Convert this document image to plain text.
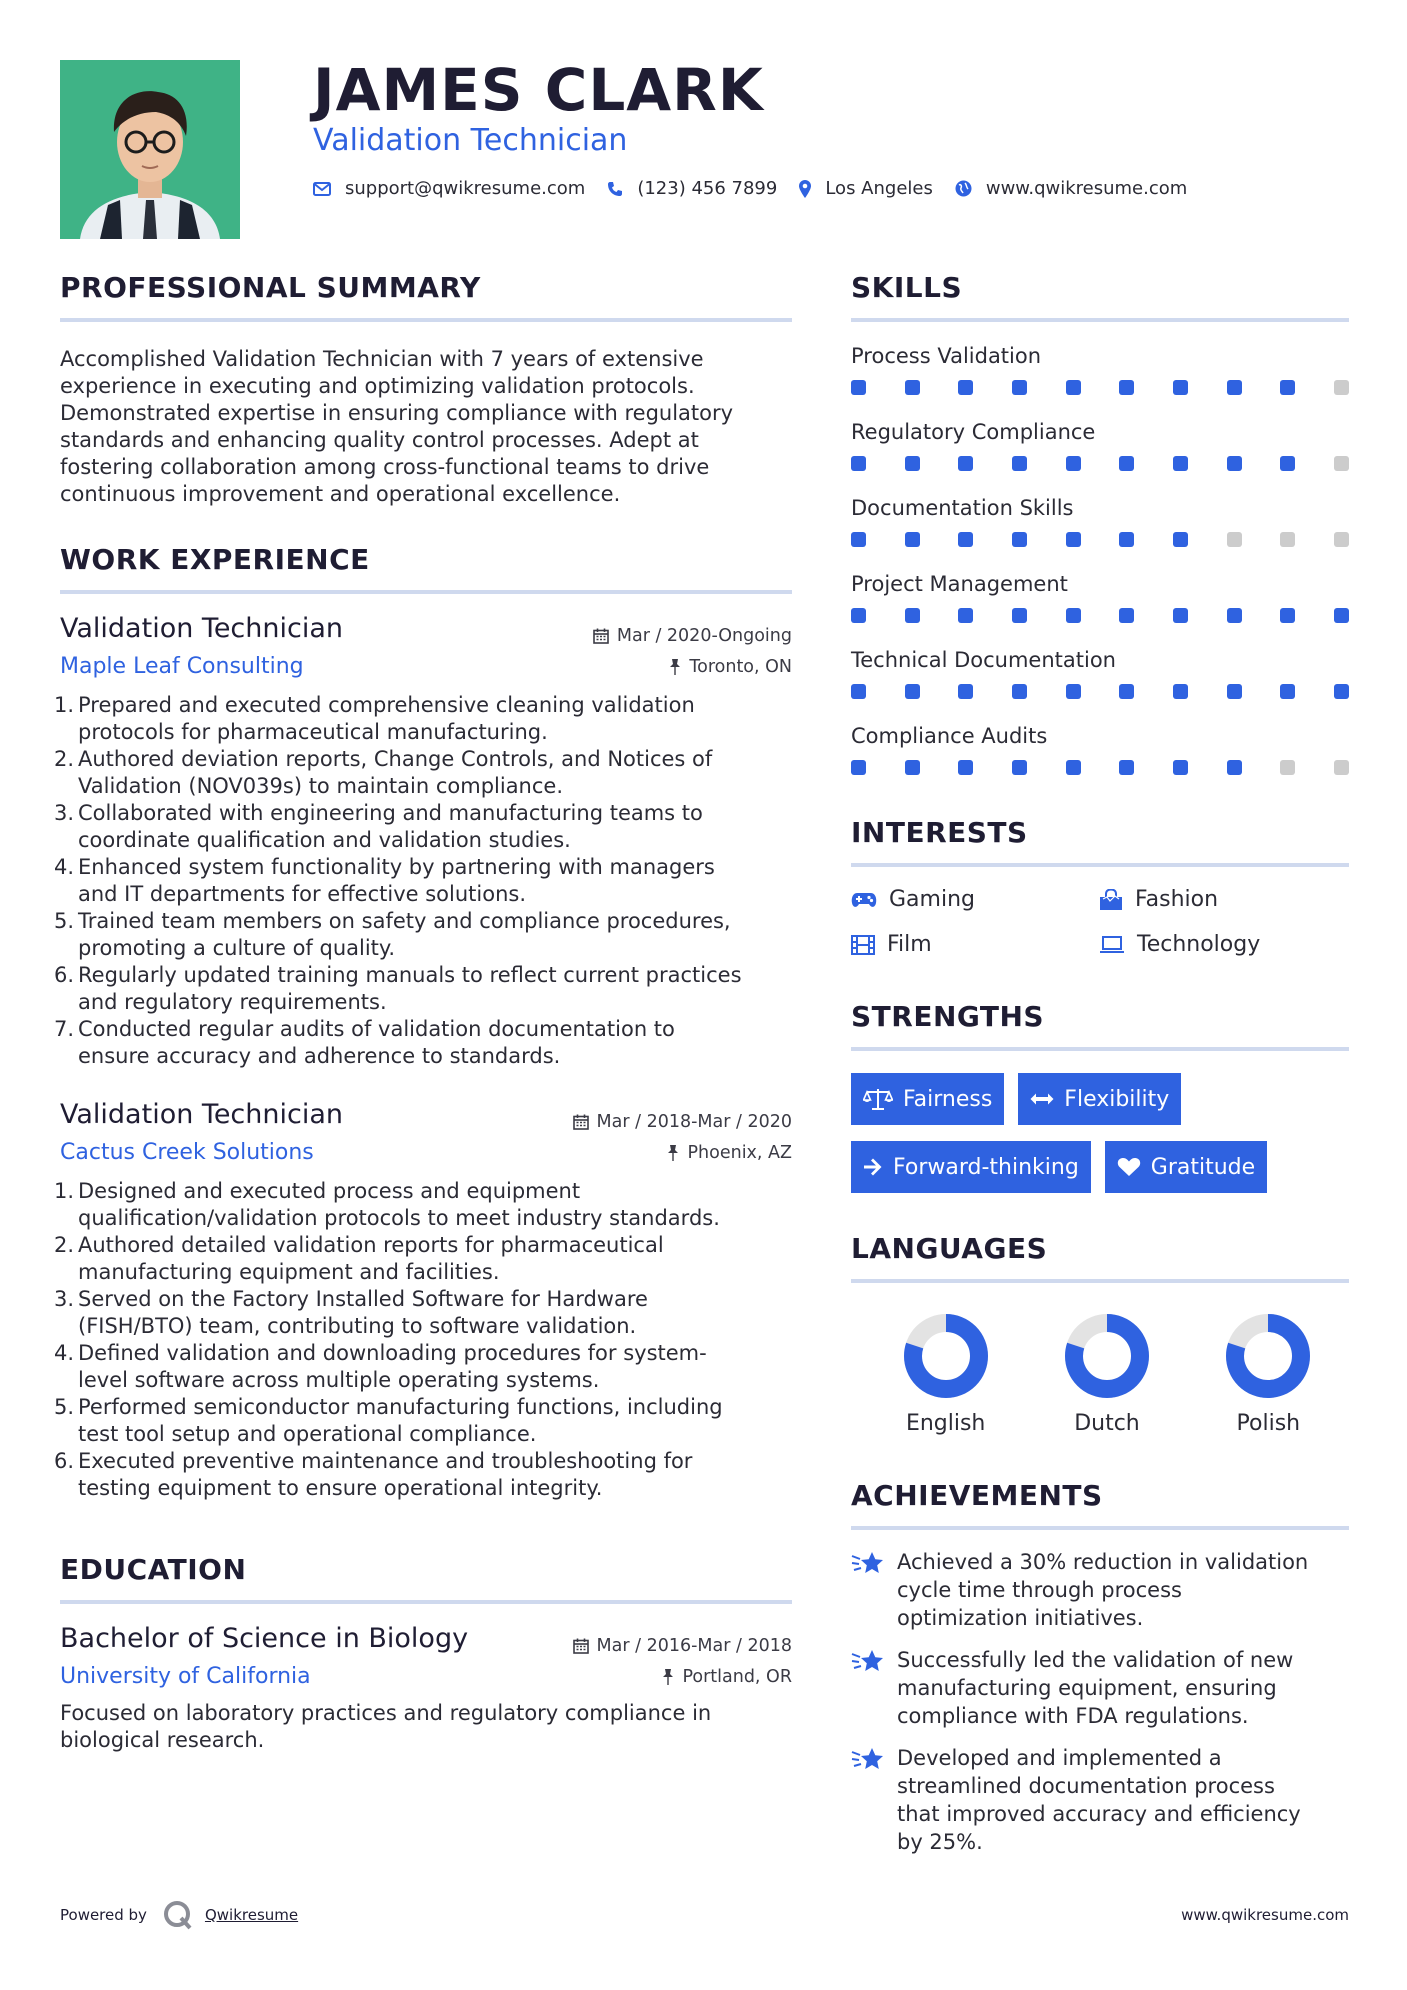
JAMES CLARK
Validation Technician
support@qwikresume.com	(123) 456 7899	Los Angeles	www.qwikresume.com
PROFESSIONAL SUMMARY
Accomplished Validation Technician with 7 years of extensive
experience in executing and optimizing validation protocols.
Demonstrated expertise in ensuring compliance with regulatory
standards and enhancing quality control processes. Adept at
fostering collaboration among cross-functional teams to drive
continuous improvement and operational excellence.
WORK EXPERIENCE
Validation Technician	Mar / 2020-Ongoing
Maple Leaf Consulting	Toronto, ON
1. Prepared and executed comprehensive cleaning validation
protocols for pharmaceutical manufacturing.
2. Authored deviation reports, Change Controls, and Notices of
Validation (NOV039s) to maintain compliance.
3. Collaborated with engineering and manufacturing teams to
coordinate qualification and validation studies.
4. Enhanced system functionality by partnering with managers
and IT departments for effective solutions.
5. Trained team members on safety and compliance procedures,
promoting a culture of quality.
6. Regularly updated training manuals to reflect current practices
and regulatory requirements.
7. Conducted regular audits of validation documentation to
ensure accuracy and adherence to standards.
Validation Technician	Mar / 2018-Mar / 2020
Cactus Creek Solutions	Phoenix, AZ
1. Designed and executed process and equipment
qualification/validation protocols to meet industry standards.
2. Authored detailed validation reports for pharmaceutical
manufacturing equipment and facilities.
3. Served on the Factory Installed Software for Hardware
(FISH/BTO) team, contributing to software validation.
4. Defined validation and downloading procedures for system-
level software across multiple operating systems.
5. Performed semiconductor manufacturing functions, including
test tool setup and operational compliance.
6. Executed preventive maintenance and troubleshooting for
testing equipment to ensure operational integrity.
EDUCATION
Bachelor of Science in Biology	Mar / 2016-Mar / 2018
University of California	Portland, OR
Focused on laboratory practices and regulatory compliance in
biological research.
SKILLS
Process Validation
Regulatory Compliance
Documentation Skills
Project Management
Technical Documentation
Compliance Audits
INTERESTS
Gaming	Fashion
Film	Technology
STRENGTHS
Fairness	Flexibility
Forward-thinking	Gratitude
LANGUAGES
English	Dutch	Polish
ACHIEVEMENTS
Achieved a 30% reduction in validation
cycle time through process
optimization initiatives.
Successfully led the validation of new
manufacturing equipment, ensuring
compliance with FDA regulations.
Developed and implemented a
streamlined documentation process
that improved accuracy and efficiency
by 25%.
Powered by	Qwikresume	www.qwikresume.com
